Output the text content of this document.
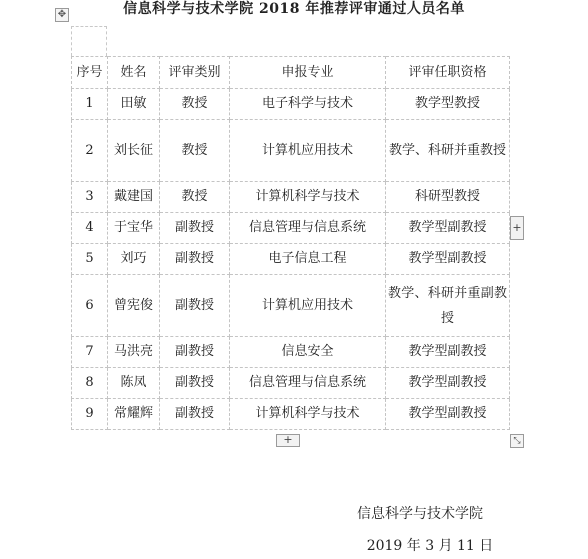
信息科学与技术学院 2018 年推荐评审通过人员名单
✥
序号	姓名	评审类别	申报专业	评审任职资格
1	田敏	教授	电子科学与技术	教学型教授
2	刘长征	教授	计算机应用技术	教学、科研并重教授
3	戴建国	教授	计算机科学与技术	科研型教授
4	于宝华	副教授	信息管理与信息系统	教学型副教授
5	刘巧	副教授	电子信息工程	教学型副教授
6	曾宪俊	副教授	计算机应用技术	教学、科研并重副教授
7	马洪亮	副教授	信息安全	教学型副教授
8	陈凤	副教授	信息管理与信息系统	教学型副教授
9	常耀辉	副教授	计算机科学与技术	教学型副教授
+
+	⤡
信息科学与技术学院
2019 年 3 月 11 日
